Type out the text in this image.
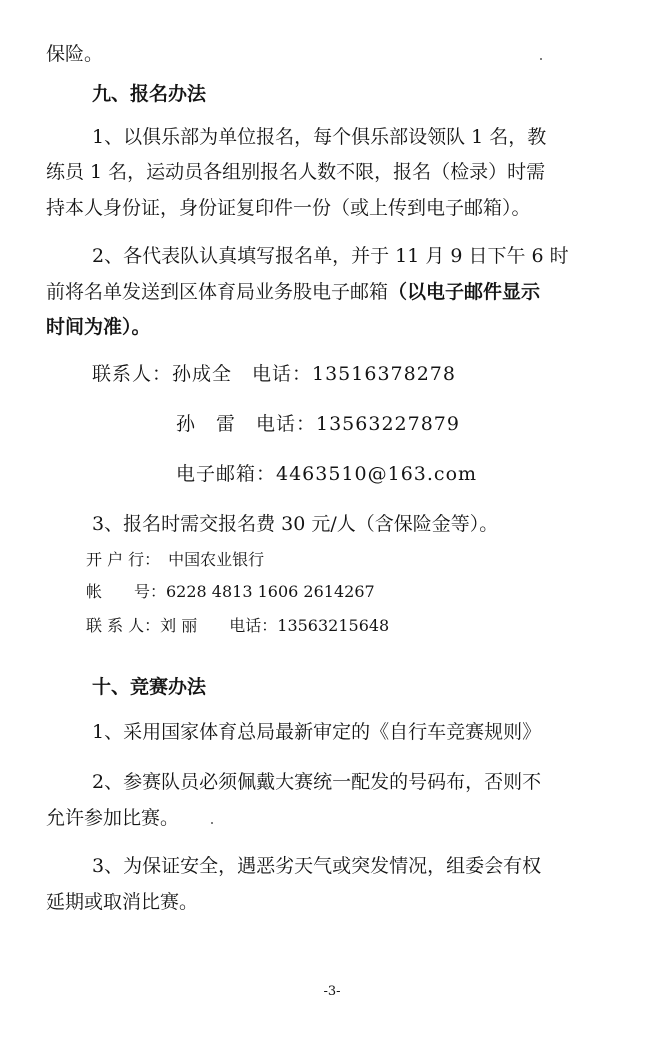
保险。
九、报名办法
1、以俱乐部为单位报名，每个俱乐部设领队 1 名，教
练员 1 名，运动员各组别报名人数不限，报名（检录）时需
持本人身份证，身份证复印件一份（或上传到电子邮箱）。
2、各代表队认真填写报名单，并于 11 月 9 日下午 6 时
前将名单发送到区体育局业务股电子邮箱（以电子邮件显示
时间为准）。
联系人：孙成全　电话：13516378278
孙　雷　电话：13563227879
电子邮箱：4463510@163.com
3、报名时需交报名费 30 元/人（含保险金等）。
开 户 行：　中国农业银行
帐　　号：6228 4813 1606 2614267
联 系 人：刘 丽　　电话：13563215648
十、竞赛办法
1、采用国家体育总局最新审定的《自行车竞赛规则》
2、参赛队员必须佩戴大赛统一配发的号码布，否则不
允许参加比赛。
3、为保证安全，遇恶劣天气或突发情况，组委会有权
延期或取消比赛。
-3-
